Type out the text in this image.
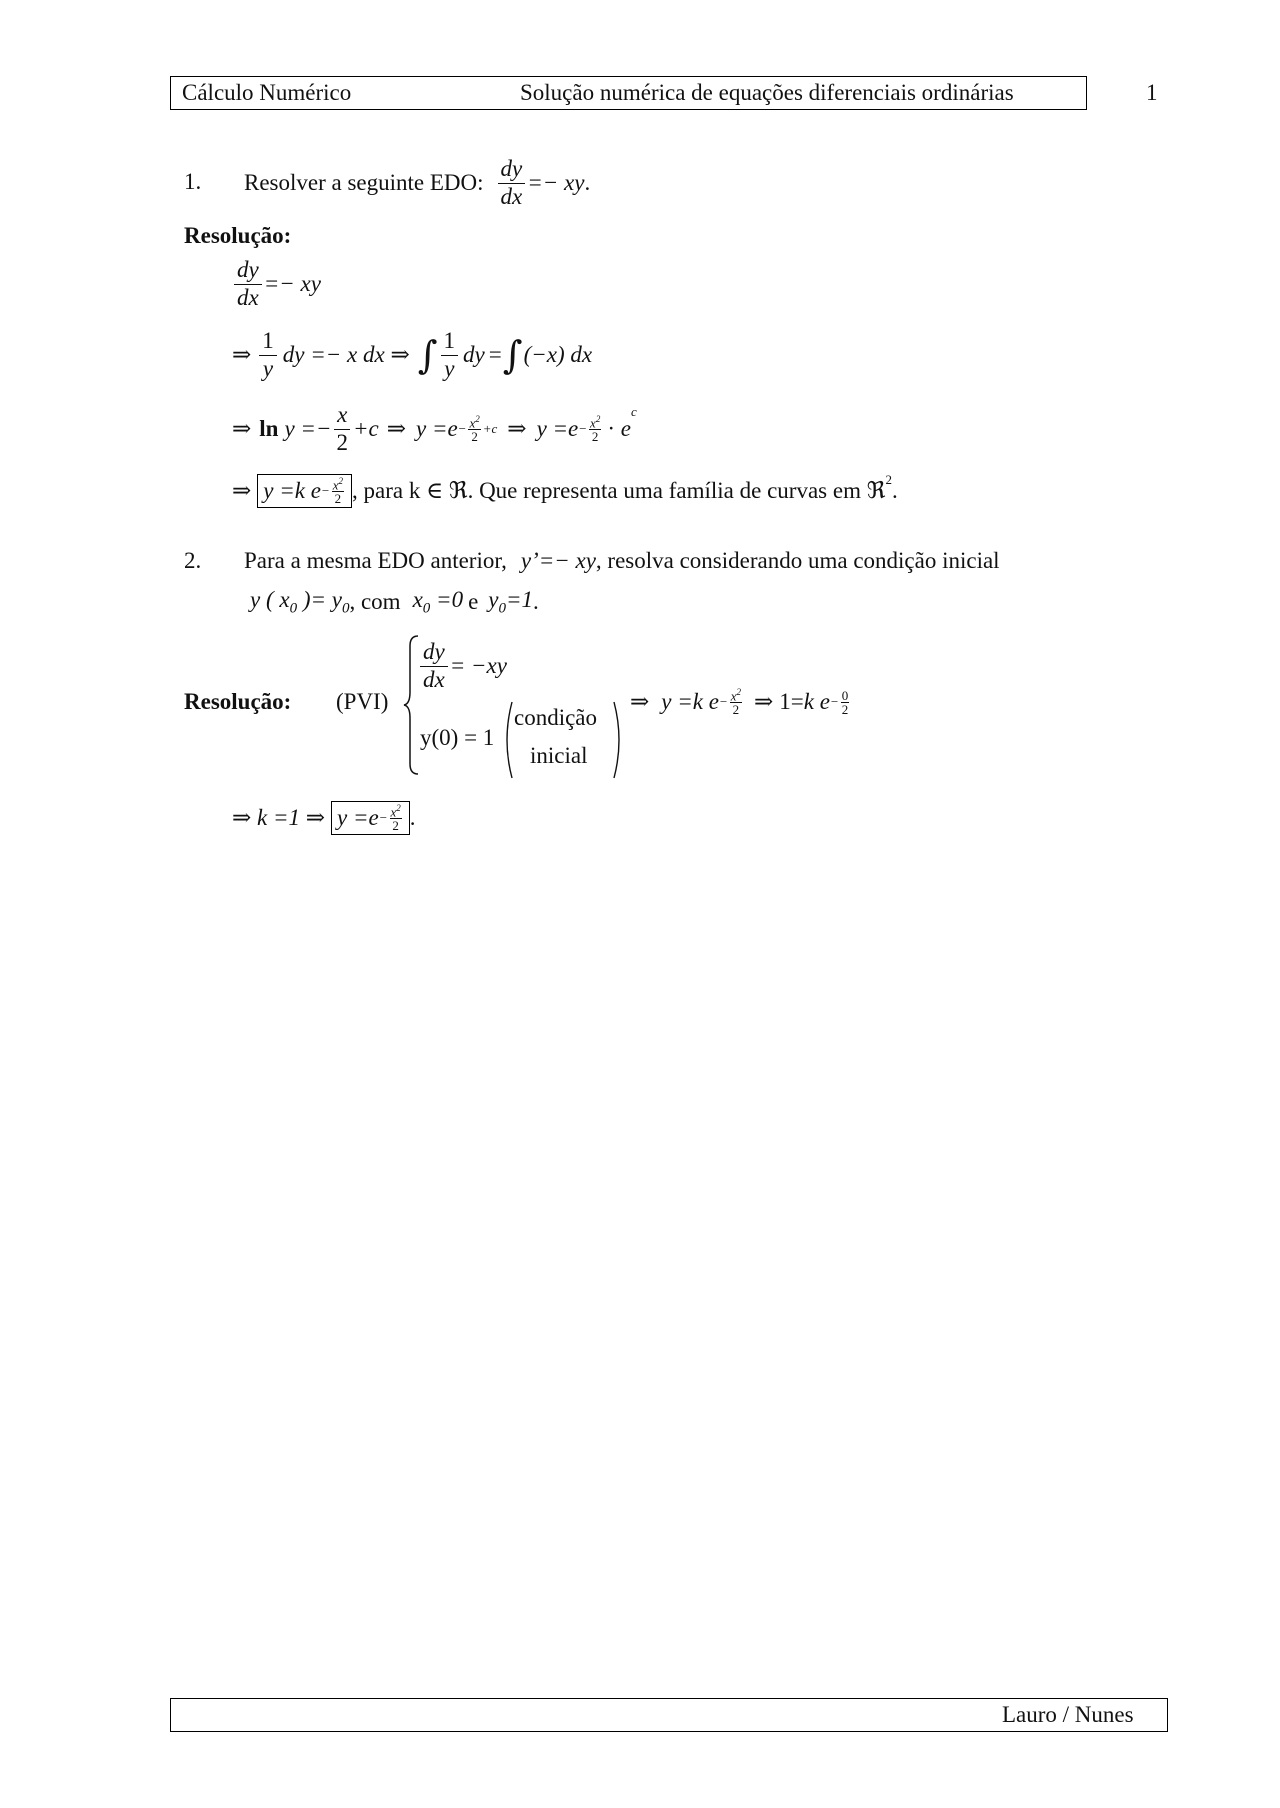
Cálculo Numérico	Solução numérica de equações diferenciais ordinárias	1
1. Resolver a seguinte EDO: $\frac{dy}{dx}$ =− xy .
Resolução:
$\frac{dy}{dx}$ =− xy
⇒ $\frac{1}{y}$ dy =− x dx ⇒ ∫ $\frac{1}{y}$ dy = ∫ (−x) dx
⇒ $\ln y =- \frac{x}{2} +c$ ⇒ $y =e - \frac{x^2}{2} +c$ ⇒ $y =e - \frac{x^2}{2} \cdot e$
$^c$
⇒ y =k $e - \frac{x^2}{2}$ , para k ∈ ℜ. Que representa uma família de curvas em ℜ$^2$ .
2. Para a mesma EDO anterior, y’=− xy , resolva considerando uma condição inicial
y ( $x_0$ )= $y_0$ , com $x_0 =0$ e $y_0=1$ .
Resolução: (PVI)
$\frac{dy}{dx} = -xy$
y(0) = 1
condição
inicial
⇒ y =k $e - \frac{x^2}{2}$ ⇒ 1= k $e - \frac{0}{2}$
⇒ k =1 ⇒ $y =e - \frac{x^2}{2}$ .
Lauro / Nunes
